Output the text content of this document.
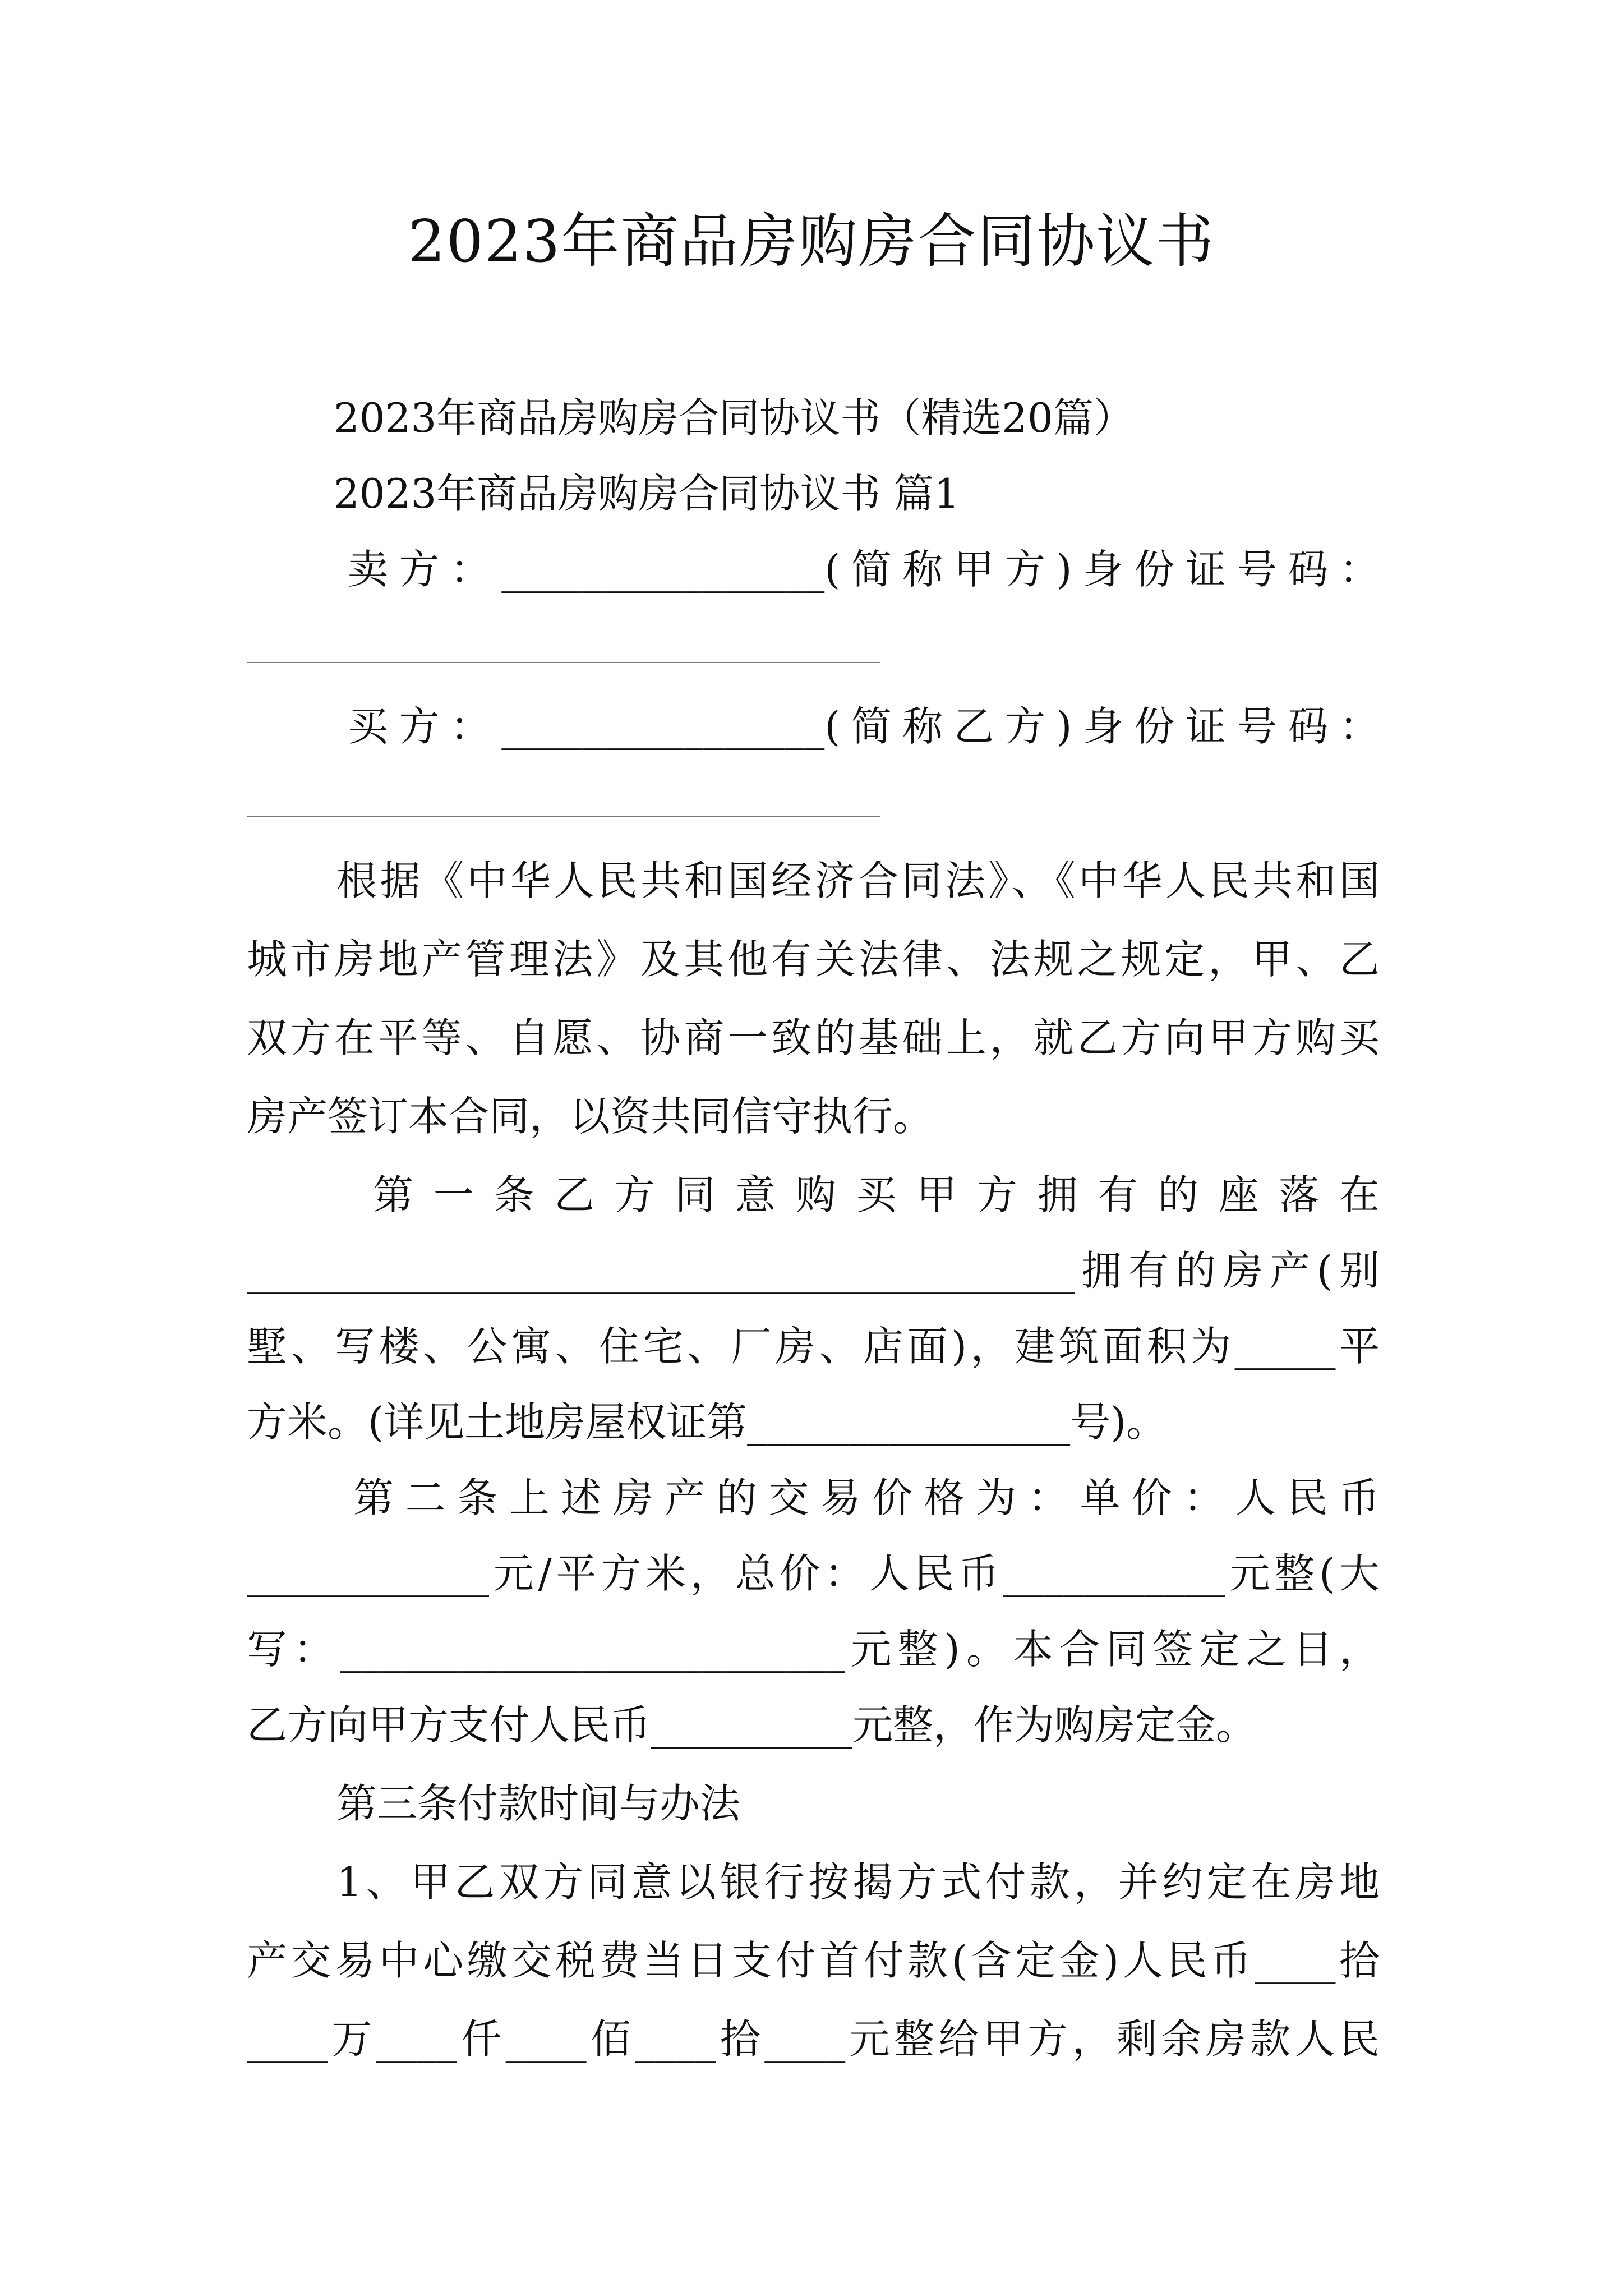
2023年商品房购房合同协议书
2023年商品房购房合同协议书（精选20篇）
2023年商品房购房合同协议书 篇1
卖方：________________(简称甲方)身份证号码：
买方：________________(简称乙方)身份证号码：
根据《中华人民共和国经济合同法》、《中华人民共和国
城市房地产管理法》及其他有关法律、法规之规定，甲、乙
双方在平等、自愿、协商一致的基础上，就乙方向甲方购买
房产签订本合同，以资共同信守执行。
第一条乙方同意购买甲方拥有的座落在
_________________________________________拥有的房产(别
墅、写楼、公寓、住宅、厂房、店面)，建筑面积为_____平
方米。(详见土地房屋权证第________________号)。
第二条上述房产的交易价格为：单价：人民币
____________元/平方米，总价：人民币___________元整(大
写：_________________________元整)。本合同签定之日，
乙方向甲方支付人民币__________元整，作为购房定金。
第三条付款时间与办法
1、甲乙双方同意以银行按揭方式付款，并约定在房地
产交易中心缴交税费当日支付首付款(含定金)人民币____拾
____万____仟____佰____拾____元整给甲方，剩余房款人民
